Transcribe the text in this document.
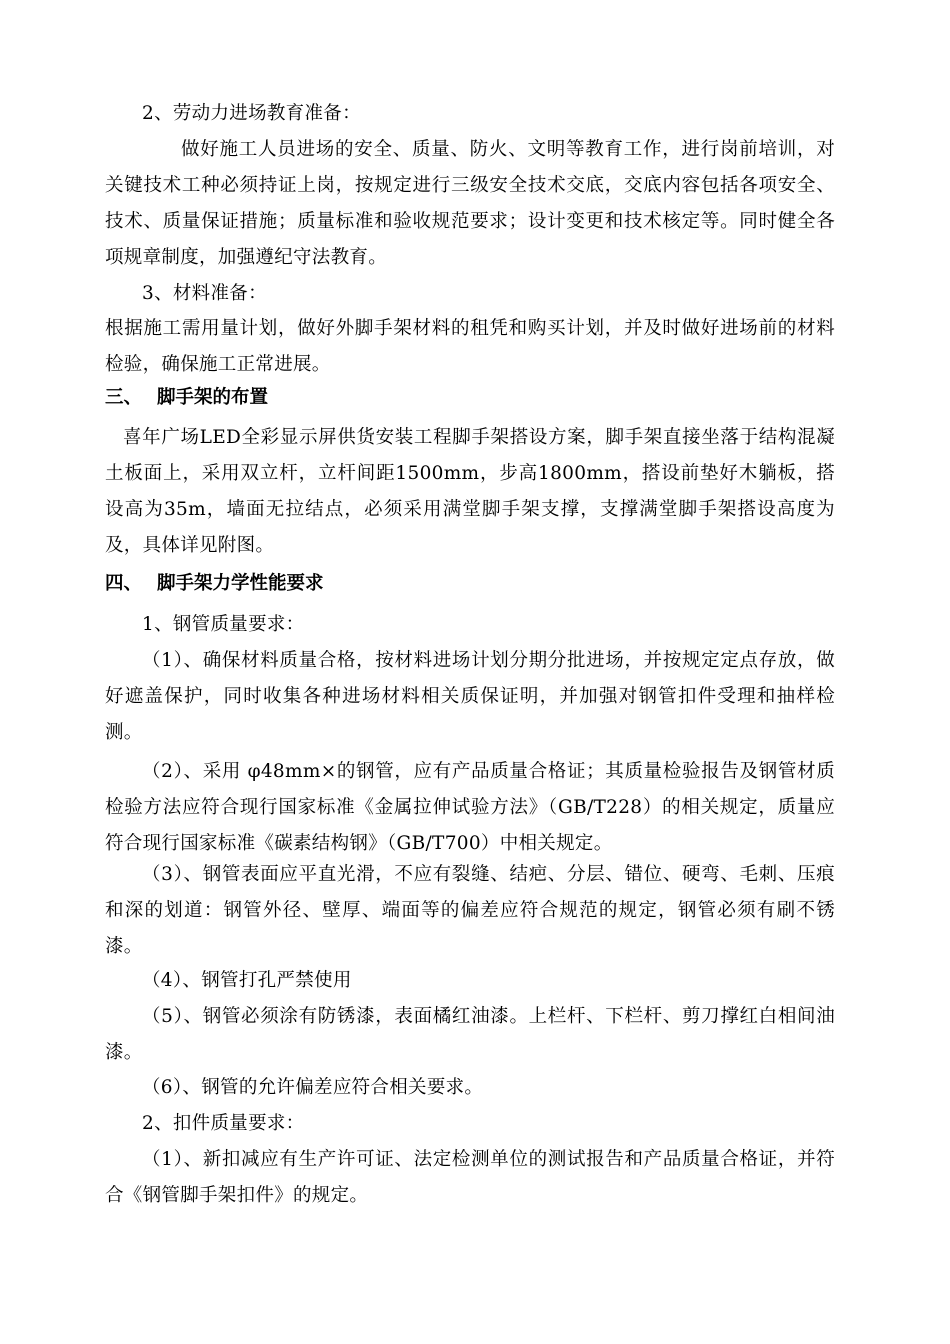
2、劳动力进场教育准备：

做好施工人员进场的安全、质量、防火、文明等教育工作，进行岗前培训，对关键技术工种必须持证上岗，按规定进行三级安全技术交底，交底内容包括各项安全、技术、质量保证措施；质量标准和验收规范要求；设计变更和技术核定等。同时健全各项规章制度，加强遵纪守法教育。

3、材料准备：

根据施工需用量计划，做好外脚手架材料的租凭和购买计划，并及时做好进场前的材料检验，确保施工正常进展。

三、 脚手架的布置

喜年广场LED全彩显示屏供货安装工程脚手架搭设方案，脚手架直接坐落于结构混凝土板面上，采用双立杆，立杆间距1500mm，步高1800mm，搭设前垫好木躺板，搭设高为35m，墙面无拉结点，必须采用满堂脚手架支撑，支撑满堂脚手架搭设高度为及，具体详见附图。

四、 脚手架力学性能要求

1、钢管质量要求：

（1）、确保材料质量合格，按材料进场计划分期分批进场，并按规定定点存放，做好遮盖保护，同时收集各种进场材料相关质保证明，并加强对钢管扣件受理和抽样检测。

（2）、采用 φ48mm×的钢管，应有产品质量合格证；其质量检验报告及钢管材质检验方法应符合现行国家标准《金属拉伸试验方法》（GB/T228）的相关规定，质量应符合现行国家标准《碳素结构钢》（GB/T700）中相关规定。

（3）、钢管表面应平直光滑，不应有裂缝、结疤、分层、错位、硬弯、毛刺、压痕和深的划道：钢管外径、壁厚、端面等的偏差应符合规范的规定，钢管必须有刷不锈漆。

（4）、钢管打孔严禁使用

（5）、钢管必须涂有防锈漆，表面橘红油漆。上栏杆、下栏杆、剪刀撑红白相间油漆。

（6）、钢管的允许偏差应符合相关要求。

2、扣件质量要求：

（1）、新扣减应有生产许可证、法定检测单位的测试报告和产品质量合格证，并符合《钢管脚手架扣件》的规定。
